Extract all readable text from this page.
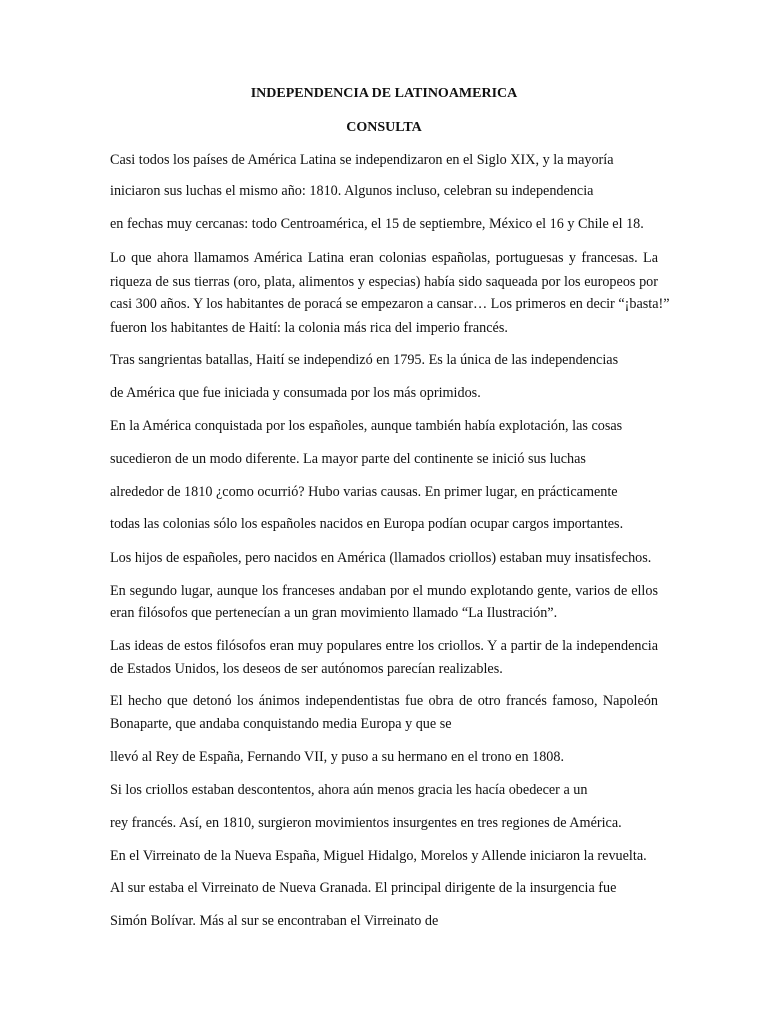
INDEPENDENCIA DE LATINOAMERICA
CONSULTA
Casi todos los países de América Latina se independizaron en el Siglo XIX, y la mayoría
iniciaron sus luchas el mismo año: 1810. Algunos incluso, celebran su independencia
en fechas muy cercanas: todo Centroamérica, el 15 de septiembre, México el 16 y Chile el 18.
Lo que ahora llamamos América Latina eran colonias españolas, portuguesas y francesas. La
riqueza de sus tierras (oro, plata, alimentos y especias) había sido saqueada por los europeos por
casi 300 años. Y los habitantes de poracá se empezaron a cansar… Los primeros en decir “¡basta!”
fueron los habitantes de Haití: la colonia más rica del imperio francés.
Tras sangrientas batallas, Haití se independizó en 1795. Es la única de las independencias
de América que fue iniciada y consumada por los más oprimidos.
En la América conquistada por los españoles, aunque también había explotación, las cosas
sucedieron de un modo diferente. La mayor parte del continente se inició sus luchas
alrededor de 1810 ¿como ocurrió? Hubo varias causas. En primer lugar, en prácticamente
todas las colonias sólo los españoles nacidos en Europa podían ocupar cargos importantes.
Los hijos de españoles, pero nacidos en América (llamados criollos) estaban muy insatisfechos.
En segundo lugar, aunque los franceses andaban por el mundo explotando gente, varios de ellos
eran filósofos que pertenecían a un gran movimiento llamado “La Ilustración”.
Las ideas de estos filósofos eran muy populares entre los criollos. Y a partir de la independencia
de Estados Unidos, los deseos de ser autónomos parecían realizables.
El hecho que detonó los ánimos independentistas fue obra de otro francés famoso, Napoleón
Bonaparte, que andaba conquistando media Europa y que se
llevó al Rey de España, Fernando VII, y puso a su hermano en el trono en 1808.
Si los criollos estaban descontentos, ahora aún menos gracia les hacía obedecer a un
rey francés. Así, en 1810, surgieron movimientos insurgentes en tres regiones de América.
En el Virreinato de la Nueva España, Miguel Hidalgo, Morelos y Allende iniciaron la revuelta.
Al sur estaba el Virreinato de Nueva Granada. El principal dirigente de la insurgencia fue
Simón Bolívar. Más al sur se encontraban el Virreinato de
